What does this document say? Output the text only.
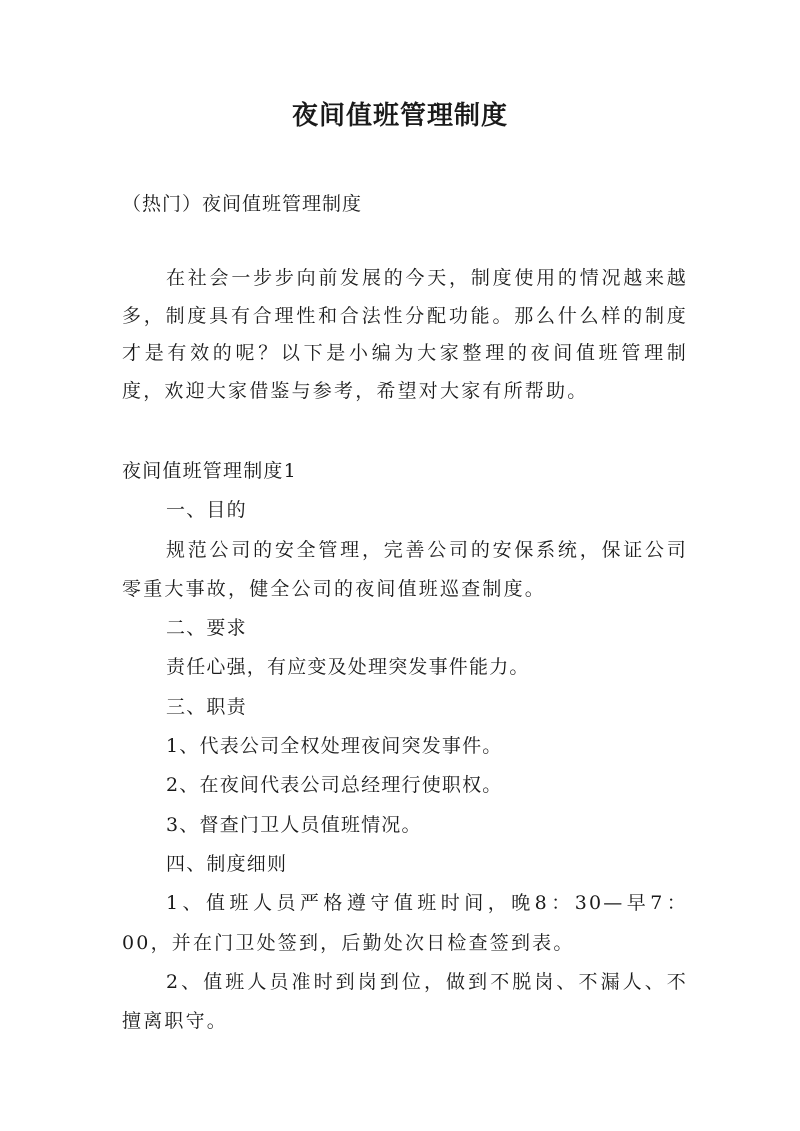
夜间值班管理制度
（热门）夜间值班管理制度
在社会一步步向前发展的今天，制度使用的情况越来越多，制度具有合理性和合法性分配功能。那么什么样的制度才是有效的呢？以下是小编为大家整理的夜间值班管理制度，欢迎大家借鉴与参考，希望对大家有所帮助。
夜间值班管理制度1
一、目的
规范公司的安全管理，完善公司的安保系统，保证公司零重大事故，健全公司的夜间值班巡查制度。
二、要求
责任心强，有应变及处理突发事件能力。
三、职责
1、代表公司全权处理夜间突发事件。
2、在夜间代表公司总经理行使职权。
3、督查门卫人员值班情况。
四、制度细则
1、值班人员严格遵守值班时间，晚8：30—早7：00，并在门卫处签到，后勤处次日检查签到表。
2、值班人员准时到岗到位，做到不脱岗、不漏人、不擅离职守。
